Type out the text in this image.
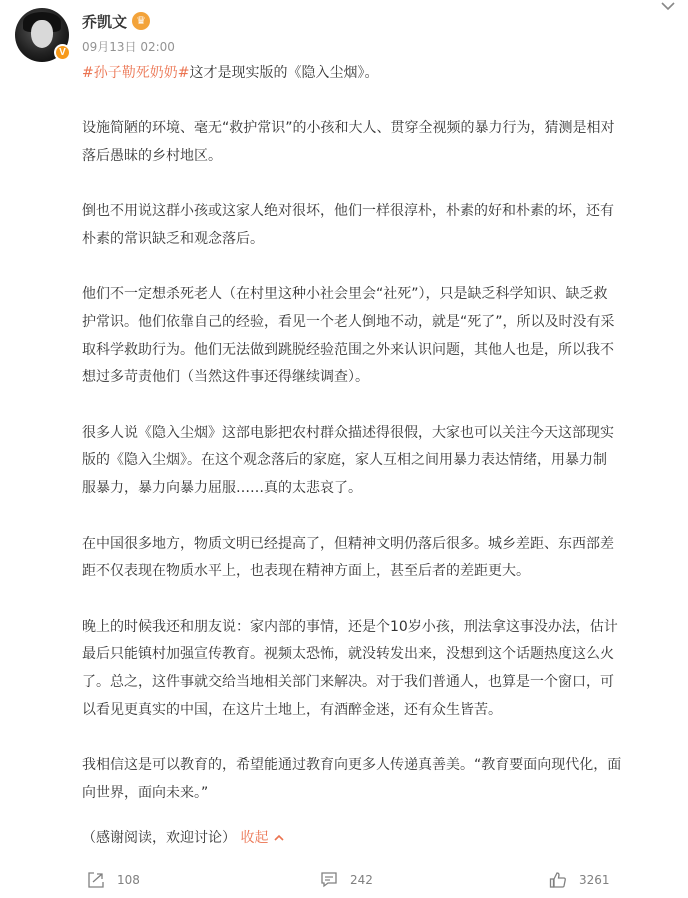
V
乔凯文 ♛
09月13日 02:00
#孙子勒死奶奶#这才是现实版的《隐入尘烟》。
设施简陋的环境、毫无“救护常识”的小孩和大人、贯穿全视频的暴力行为，猜测是相对
落后愚昧的乡村地区。
倒也不用说这群小孩或这家人绝对很坏，他们一样很淳朴，朴素的好和朴素的坏，还有
朴素的常识缺乏和观念落后。
他们不一定想杀死老人（在村里这种小社会里会“社死”），只是缺乏科学知识、缺乏救
护常识。他们依靠自己的经验，看见一个老人倒地不动，就是“死了”，所以及时没有采
取科学救助行为。他们无法做到跳脱经验范围之外来认识问题，其他人也是，所以我不
想过多苛责他们（当然这件事还得继续调查）。
很多人说《隐入尘烟》这部电影把农村群众描述得很假，大家也可以关注今天这部现实
版的《隐入尘烟》。在这个观念落后的家庭，家人互相之间用暴力表达情绪，用暴力制
服暴力，暴力向暴力屈服……真的太悲哀了。
在中国很多地方，物质文明已经提高了，但精神文明仍落后很多。城乡差距、东西部差
距不仅表现在物质水平上，也表现在精神方面上，甚至后者的差距更大。
晚上的时候我还和朋友说：家内部的事情，还是个10岁小孩，刑法拿这事没办法，估计
最后只能镇村加强宣传教育。视频太恐怖，就没转发出来，没想到这个话题热度这么火
了。总之，这件事就交给当地相关部门来解决。对于我们普通人，也算是一个窗口，可
以看见更真实的中国，在这片土地上，有酒醉金迷，还有众生皆苦。
我相信这是可以教育的，希望能通过教育向更多人传递真善美。“教育要面向现代化，面
向世界，面向未来。”
（感谢阅读，欢迎讨论） 收起
108	242	3261
